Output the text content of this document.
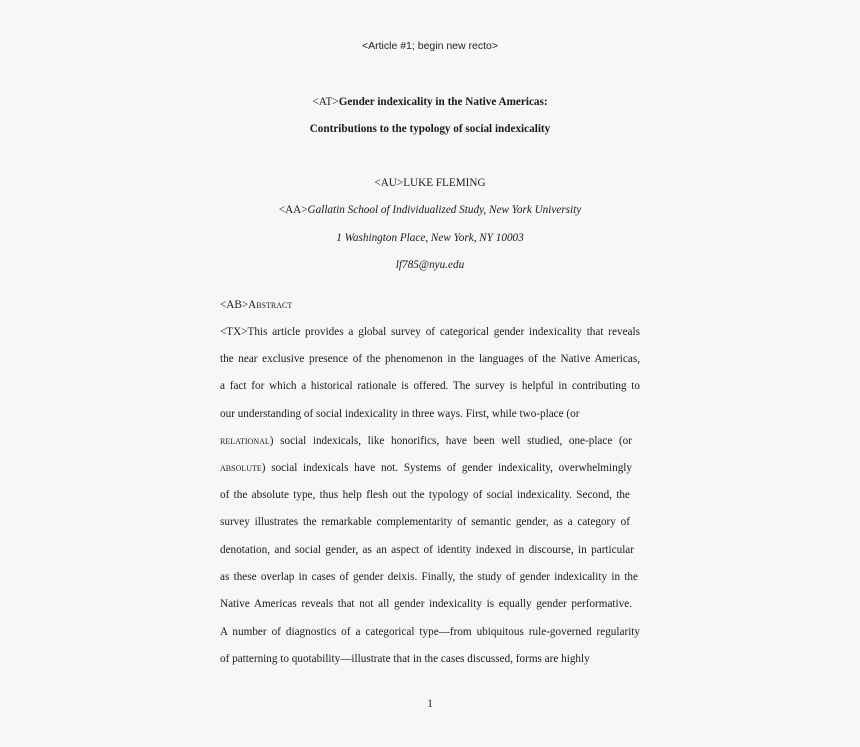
<Article #1; begin new recto>
<AT>Gender indexicality in the Native Americas:
Contributions to the typology of social indexicality
<AU>LUKE FLEMING
<AA>Gallatin School of Individualized Study, New York University
1 Washington Place, New York, NY 10003
lf785@nyu.edu
<AB>Abstract
<TX>This article provides a global survey of categorical gender indexicality that reveals
the near exclusive presence of the phenomenon in the languages of the Native Americas,
a fact for which a historical rationale is offered. The survey is helpful in contributing to
our understanding of social indexicality in three ways. First, while two-place (or
relational) social indexicals, like honorifics, have been well studied, one-place (or
absolute) social indexicals have not. Systems of gender indexicality, overwhelmingly
of the absolute type, thus help flesh out the typology of social indexicality. Second, the
survey illustrates the remarkable complementarity of semantic gender, as a category of
denotation, and social gender, as an aspect of identity indexed in discourse, in particular
as these overlap in cases of gender deixis. Finally, the study of gender indexicality in the
Native Americas reveals that not all gender indexicality is equally gender performative.
A number of diagnostics of a categorical type—from ubiquitous rule-governed regularity
of patterning to quotability—illustrate that in the cases discussed, forms are highly
1
